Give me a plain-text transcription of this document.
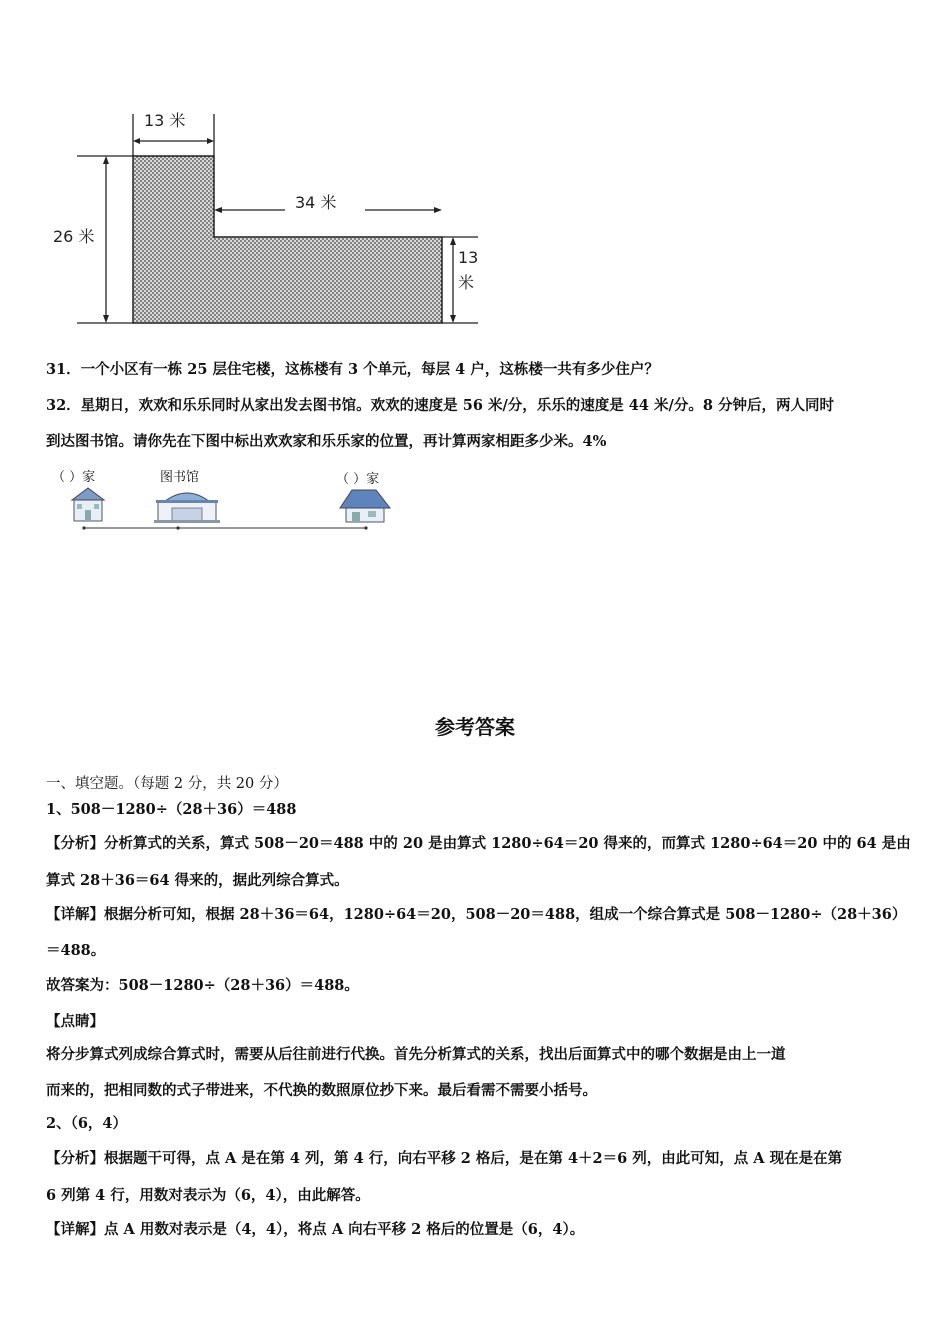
13 米
26 米
34 米
13
米
31．一个小区有一栋 25 层住宅楼，这栋楼有 3 个单元，每层 4 户，这栋楼一共有多少住户？
32．星期日，欢欢和乐乐同时从家出发去图书馆。欢欢的速度是 56 米/分，乐乐的速度是 44 米/分。8 分钟后，两人同时
到达图书馆。请你先在下图中标出欢欢家和乐乐家的位置，再计算两家相距多少米。4%
（ ）家	图书馆	（ ）家
参考答案
一、填空题。（每题 2 分，共 20 分）
1、508－1280÷（28＋36）＝488
【分析】分析算式的关系，算式 508－20＝488 中的 20 是由算式 1280÷64＝20 得来的，而算式 1280÷64＝20 中的 64 是由
算式 28＋36＝64 得来的，据此列综合算式。
【详解】根据分析可知，根据 28＋36＝64，1280÷64＝20，508－20＝488，组成一个综合算式是 508－1280÷（28＋36）
＝488。
故答案为：508－1280÷（28＋36）＝488。
【点睛】
将分步算式列成综合算式时，需要从后往前进行代换。首先分析算式的关系，找出后面算式中的哪个数据是由上一道
而来的，把相同数的式子带进来，不代换的数照原位抄下来。最后看需不需要小括号。
2、（6，4）
【分析】根据题干可得，点 A 是在第 4 列，第 4 行，向右平移 2 格后，是在第 4＋2＝6 列，由此可知，点 A 现在是在第
6 列第 4 行，用数对表示为（6，4），由此解答。
【详解】点 A 用数对表示是（4，4），将点 A 向右平移 2 格后的位置是（6，4）。
